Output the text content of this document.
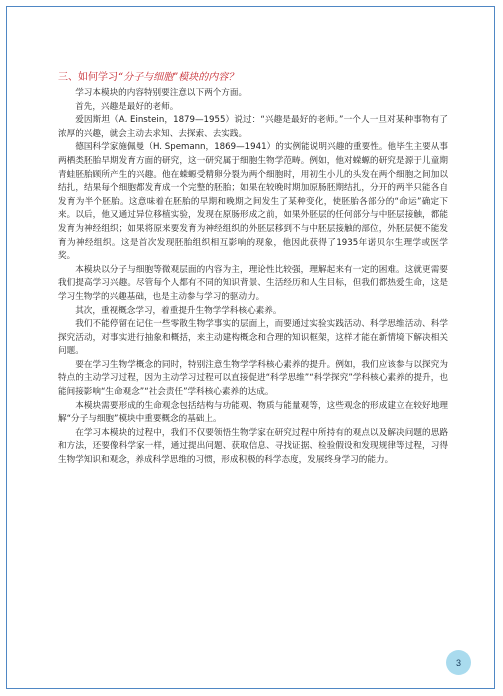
三、如何学习“分子与细胞”模块的内容？

学习本模块的内容特别要注意以下两个方面。

首先，兴趣是最好的老师。

爱因斯坦（A. Einstein，1879—1955）说过：“兴趣是最好的老师。”一个人一旦对某种事物有了浓厚的兴趣，就会主动去求知、去探索、去实践。

德国科学家施佩曼（H. Spemann，1869—1941）的实例能说明兴趣的重要性。他毕生主要从事两栖类胚胎早期发育方面的研究，这一研究属于细胞生物学范畴。例如，他对蝾螈的研究是源于儿童期青蛙胚胎顾所产生的兴趣。他在蝾螈受精卵分裂为两个细胞时，用初生小儿的头发在两个细胞之间加以结扎，结果每个细胞都发育成一个完整的胚胎；如果在较晚时期加原肠胚期结扎，分开的两半只能各自发育为半个胚胎。这意味着在胚胎的早期和晚期之间发生了某种变化，使胚胎各部分的“命运”确定下来。以后，他又通过异位移植实验，发现在原肠形成之前，如果外胚层的任何部分与中胚层接触，都能发育为神经组织；如果将原来要发育为神经组织的外胚层移到不与中胚层接触的部位，外胚层便不能发育为神经组织。这是首次发现胚胎组织相互影响的现象，他因此获得了1935年诺贝尔生理学或医学奖。

本模块以分子与细胞等微观层面的内容为主，理论性比较强，理解起来有一定的困难。这就更需要我们提高学习兴趣。尽管每个人都有不同的知识背景、生活经历和人生目标，但我们都热爱生命，这是学习生物学的兴趣基础，也是主动参与学习的驱动力。

其次，重视概念学习，着重提升生物学学科核心素养。

我们不能停留在记住一些零散生物学事实的层面上，而要通过实验实践活动、科学思维活动、科学探究活动，对事实进行抽象和概括，来主动建构概念和合理的知识框架，这样才能在新情境下解决相关问题。

要在学习生物学概念的同时，特别注意生物学学科核心素养的提升。例如，我们应该参与以探究为特点的主动学习过程，因为主动学习过程可以直接促进“科学思维”“科学探究”学科核心素养的提升，也能间接影响“生命观念”“社会责任”学科核心素养的达成。

本模块需要形成的生命观念包括结构与功能观、物质与能量观等，这些观念的形成建立在较好地理解“分子与细胞”模块中重要概念的基础上。

在学习本模块的过程中，我们不仅要领悟生物学家在研究过程中所持有的观点以及解决问题的思路和方法，还要像科学家一样，通过提出问题、获取信息、寻找证据、检验假设和发现规律等过程，习得生物学知识和观念，养成科学思维的习惯，形成积极的科学态度，发展终身学习的能力。

3
